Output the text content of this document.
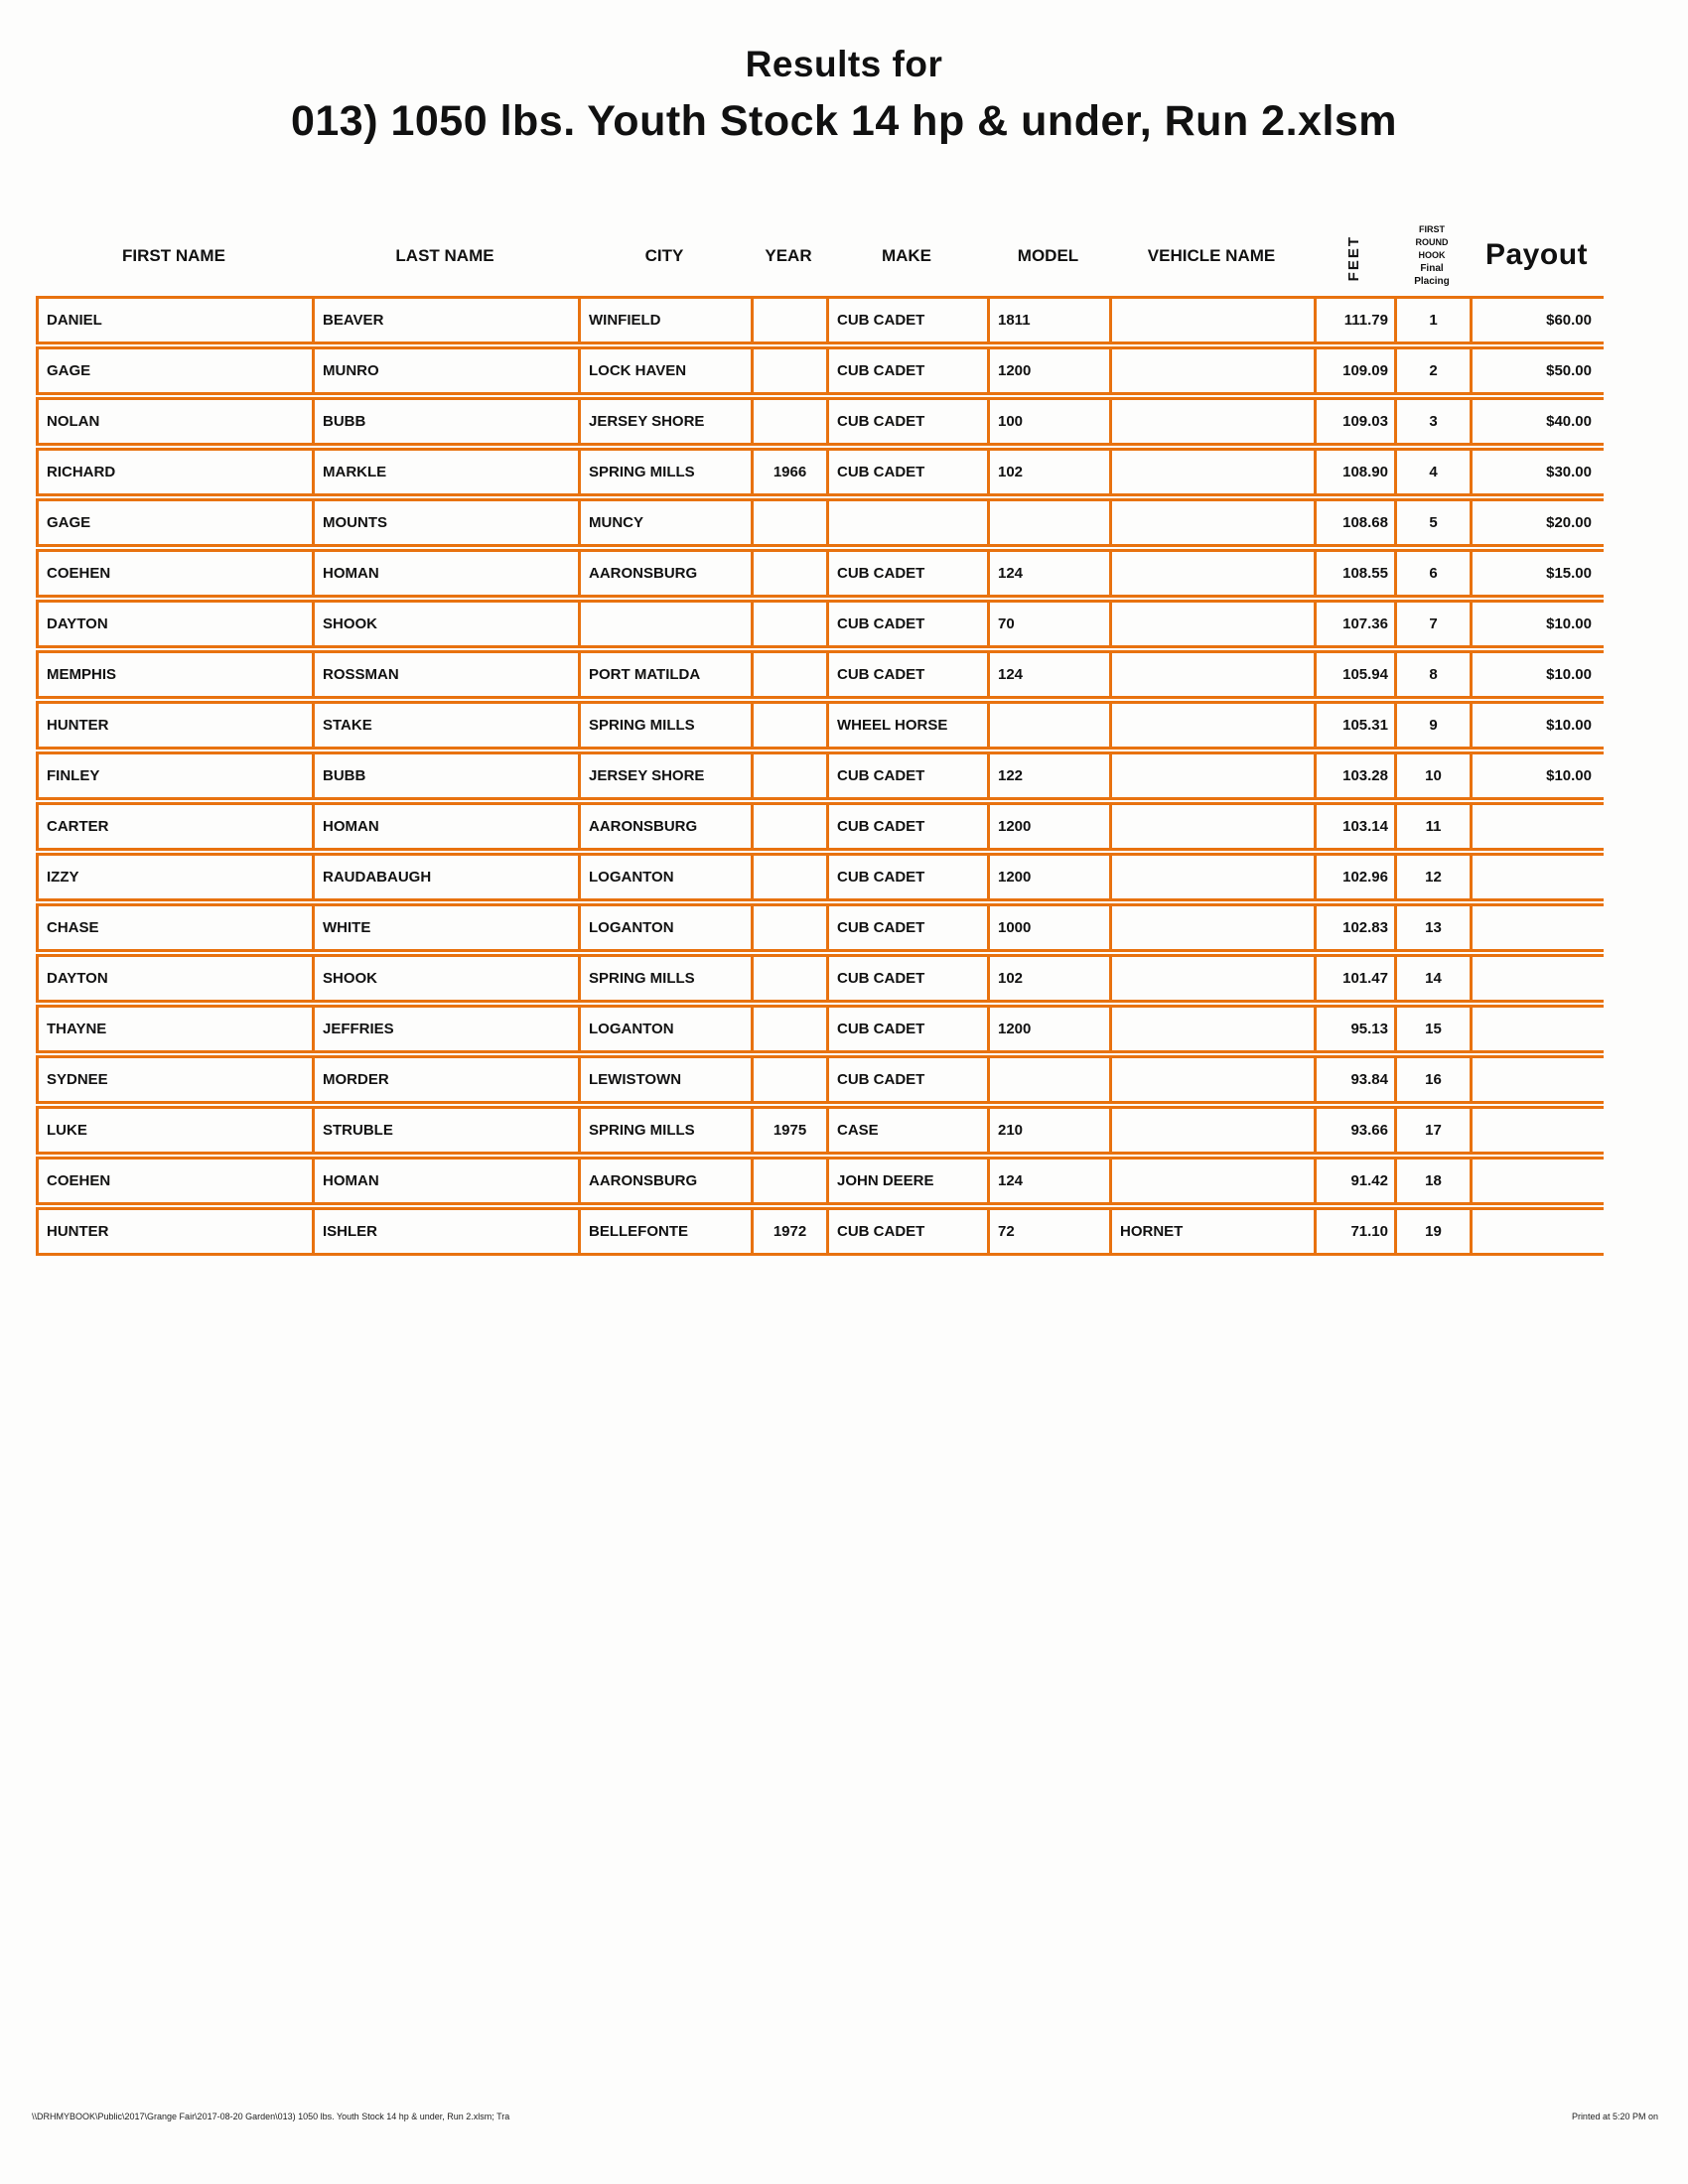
Results for
013) 1050 lbs. Youth Stock 14 hp & under, Run 2.xlsm
FIRST NAME	LAST NAME	CITY	YEAR	MAKE	MODEL	VEHICLE NAME	FEET	FIRST
ROUND
HOOK
Final
Placing	Payout
DANIEL	BEAVER	WINFIELD		CUB CADET	1811		111.79	1	$60.00
GAGE	MUNRO	LOCK HAVEN		CUB CADET	1200		109.09	2	$50.00
NOLAN	BUBB	JERSEY SHORE		CUB CADET	100		109.03	3	$40.00
RICHARD	MARKLE	SPRING MILLS	1966	CUB CADET	102		108.90	4	$30.00
GAGE	MOUNTS	MUNCY					108.68	5	$20.00
COEHEN	HOMAN	AARONSBURG		CUB CADET	124		108.55	6	$15.00
DAYTON	SHOOK			CUB CADET	70		107.36	7	$10.00
MEMPHIS	ROSSMAN	PORT MATILDA		CUB CADET	124		105.94	8	$10.00
HUNTER	STAKE	SPRING MILLS		WHEEL HORSE			105.31	9	$10.00
FINLEY	BUBB	JERSEY SHORE		CUB CADET	122		103.28	10	$10.00
CARTER	HOMAN	AARONSBURG		CUB CADET	1200		103.14	11	
IZZY	RAUDABAUGH	LOGANTON		CUB CADET	1200		102.96	12	
CHASE	WHITE	LOGANTON		CUB CADET	1000		102.83	13	
DAYTON	SHOOK	SPRING MILLS		CUB CADET	102		101.47	14	
THAYNE	JEFFRIES	LOGANTON		CUB CADET	1200		95.13	15	
SYDNEE	MORDER	LEWISTOWN		CUB CADET			93.84	16	
LUKE	STRUBLE	SPRING MILLS	1975	CASE	210		93.66	17	
COEHEN	HOMAN	AARONSBURG		JOHN DEERE	124		91.42	18	
HUNTER	ISHLER	BELLEFONTE	1972	CUB CADET	72	HORNET	71.10	19	
\\DRHMYBOOK\Public\2017\Grange Fair\2017-08-20 Garden\013) 1050 lbs. Youth Stock 14 hp & under, Run 2.xlsm; Tra	Printed at 5:20 PM on
